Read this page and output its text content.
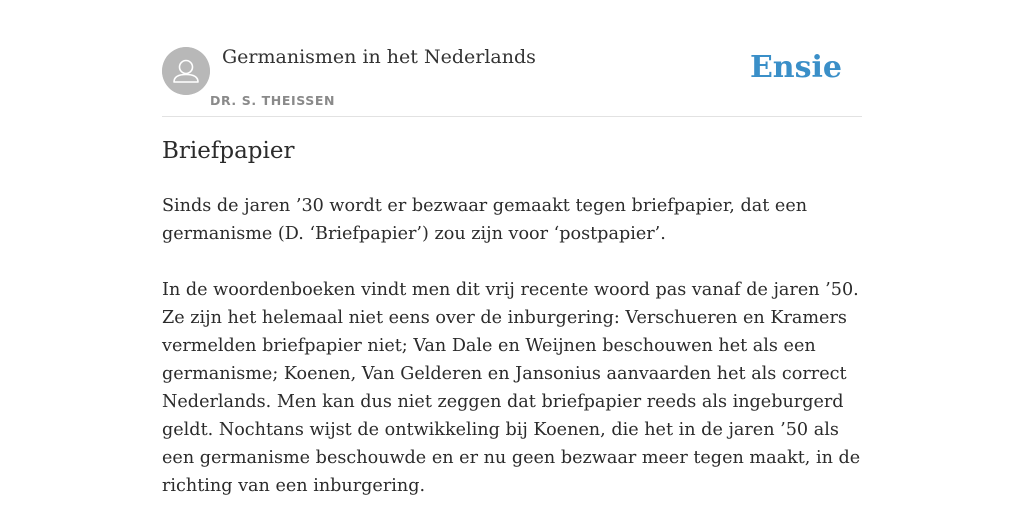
Germanismen in het Nederlands
DR. S. THEISSEN
Ensie
Briefpapier

Sinds de jaren ’30 wordt er bezwaar gemaakt tegen briefpapier, dat een germanisme (D. ‘Briefpapier’) zou zijn voor ‘postpapier’.

In de woordenboeken vindt men dit vrij recente woord pas vanaf de jaren ’50. Ze zijn het helemaal niet eens over de inburgering: Verschueren en Kramers vermelden briefpapier niet; Van Dale en Weijnen beschouwen het als een germanisme; Koenen, Van Gelderen en Jansonius aanvaarden het als correct Nederlands. Men kan dus niet zeggen dat briefpapier reeds als ingeburgerd geldt. Nochtans wijst de ontwikkeling bij Koenen, die het in de jaren ’50 als een germanisme beschouwde en er nu geen bezwaar meer tegen maakt, in de richting van een inburgering.
